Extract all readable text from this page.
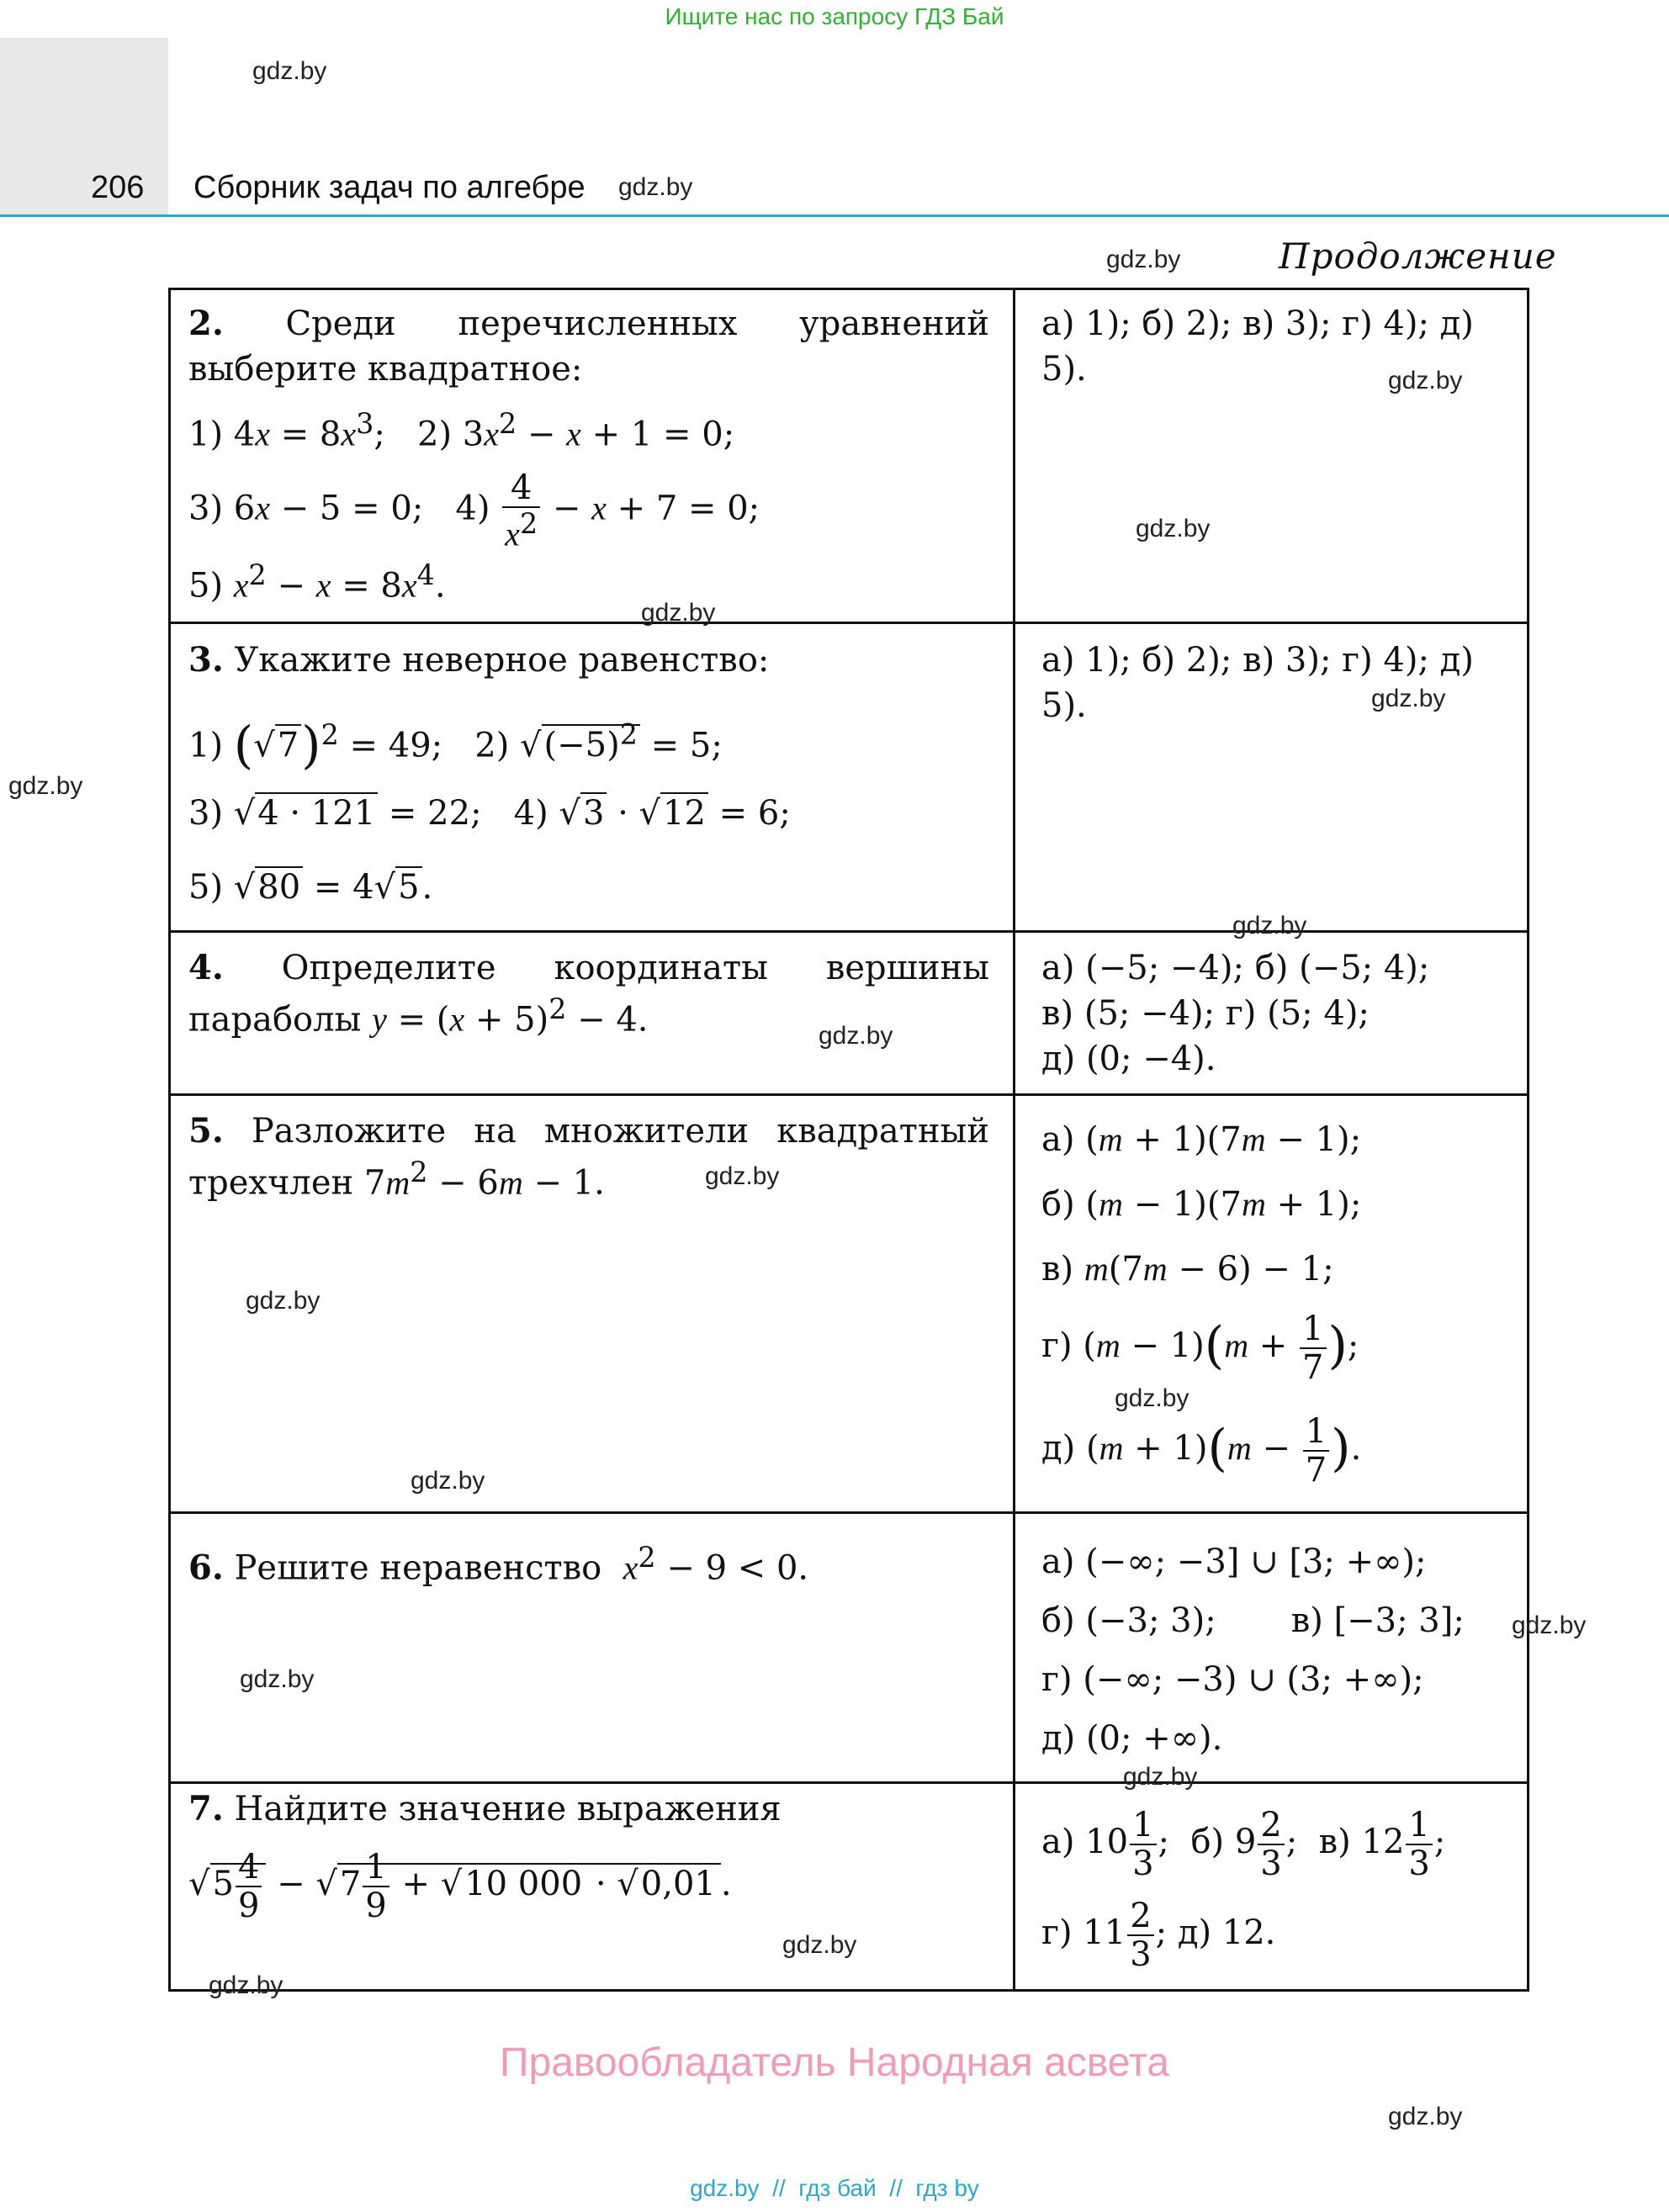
Ищите нас по запросу ГДЗ Бай
gdz.by
206 Сборник задач по алгебре gdz.by
gdz.by	Продолжение
2. Среди перечисленных уравнений выберите квадратное:
1) $4x = 8x^3$;   2) $3x^2 - x + 1 = 0$;
3) 6x − 5 = 0;   $4) \frac{4}{x^2} - x + 7 = 0$;
5) $x^2 - x = 8x^4$.
а) 1); б) 2); в) 3); г) 4); д) 5).	gdz.by
gdz.by
gdz.by
3. Укажите неверное равенство:
1) $(√7)^2 = 49$;   2) $√(-5)^2 = 5$;
3) √4 · 121 = 22;   4) √3 · √12 = 6;
5) √80 = 4√5.
а) 1); б) 2); в) 3); г) 4); д) 5).	gdz.by
gdz.by
gdz.by
4. Определите координаты вершины параболы $y = (x + 5)^2 - 4$.
а) (−5; −4); б) (−5; 4);
в) (5; −4); г) (5; 4);
д) (0; −4).
gdz.by
5. Разложите на множители квадратный трехчлен $7m^2 - 6m - 1$.
а) (m + 1)(7m − 1);
б) (m − 1)(7m + 1);
в) m(7m − 6) − 1;
г) $(m - 1)(m + \frac{1}{7}$ );
д) $(m + 1)(m - \frac{1}{7}$ ).
gdz.by
gdz.by
gdz.by
gdz.by
6. Решите неравенство $x^2 - 9 < 0$.	а) (−∞; −3] ∪ [3; +∞);
б) (−3; 3);       в) [−3; 3];
г) (−∞; −3) ∪ (3; +∞);
д) (0; +∞).
gdz.by
gdz.by
gdz.by
7. Найдите значение выражения
$√5 \frac{4}{9} - √7 \frac{1}{9} + √10$ 000 · √0,01 .
а) $10 \frac{1}{3}$ ;  б) $9 \frac{2}{3}$ ;  в) $12 \frac{1}{3}$ ;
г) $11 \frac{2}{3}$ ; д) 12.
gdz.by
gdz.by
Правообладатель Народная асвета
gdz.by
gdz.by  //  гдз бай  //  гдз by
